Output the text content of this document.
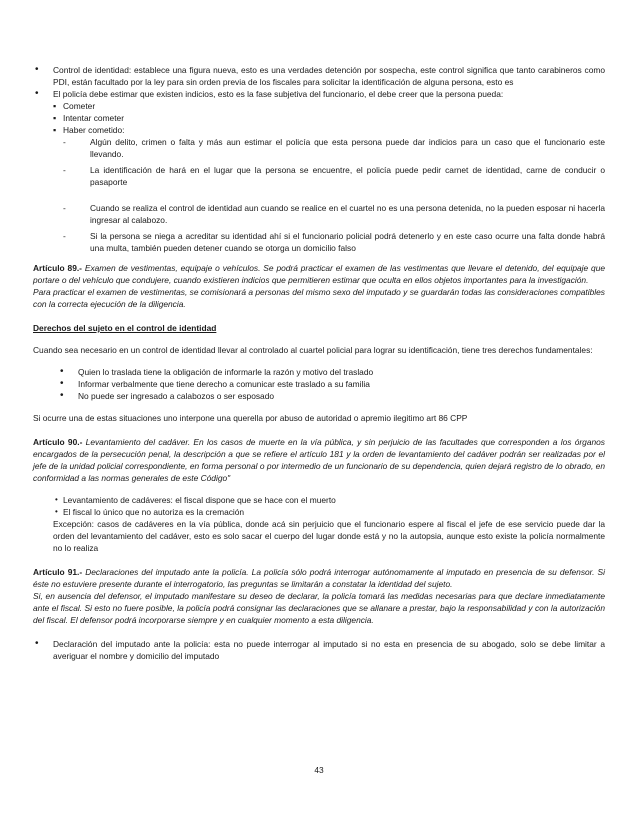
• Control de identidad: establece una figura nueva, esto es una verdades detención por sospecha, este control significa que tanto carabineros como PDI, están facultado por la ley para sin orden previa de los fiscales para solicitar la identificación de alguna persona, esto es
• El policía debe estimar que existen indicios, esto es la fase subjetiva del funcionario, el debe creer que la persona pueda:
▪ Cometer
▪ Intentar cometer
▪ Haber cometido:
- Algún delito, crimen o falta y más aun estimar el policía que esta persona puede dar indicios para un caso que el funcionario este llevando.
- La identificación de hará en el lugar que la persona se encuentre, el policía puede pedir carnet de identidad, carne de conducir o pasaporte
- Cuando se realiza el control de identidad aun cuando se realice en el cuartel no es una persona detenida, no la pueden esposar ni hacerla ingresar al calabozo.
- Si la persona se niega a acreditar su identidad ahí si el funcionario policial podrá detenerlo y en este caso ocurre una falta donde habrá una multa, también pueden detener cuando se otorga un domicilio falso

Artículo 89.- Examen de vestimentas, equipaje o vehículos. Se podrá practicar el examen de las vestimentas que llevare el detenido, del equipaje que portare o del vehículo que condujere, cuando existieren indicios que permitieren estimar que oculta en ellos objetos importantes para la investigación.

Para practicar el examen de vestimentas, se comisionará a personas del mismo sexo del imputado y se guardarán todas las consideraciones compatibles con la correcta ejecución de la diligencia.

Derechos del sujeto en el control de identidad

Cuando sea necesario en un control de identidad llevar al controlado al cuartel policial para lograr su identificación, tiene tres derechos fundamentales:

• Quien lo traslada tiene la obligación de informarle la razón y motivo del traslado
• Informar verbalmente que tiene derecho a comunicar este traslado a su familia
• No puede ser ingresado a calabozos o ser esposado

Si ocurre una de estas situaciones uno interpone una querella por abuso de autoridad o apremio ilegitimo art 86 CPP

Artículo 90.- Levantamiento del cadáver. En los casos de muerte en la vía pública, y sin perjuicio de las facultades que corresponden a los órganos encargados de la persecución penal, la descripción a que se refiere el artículo 181 y la orden de levantamiento del cadáver podrán ser realizadas por el jefe de la unidad policial correspondiente, en forma personal o por intermedio de un funcionario de su dependencia, quien dejará registro de lo obrado, en conformidad a las normas generales de este Código"

• Levantamiento de cadáveres: el fiscal dispone que se hace con el muerto
• El fiscal lo único que no autoriza es la cremación

Excepción: casos de cadáveres en la vía pública, donde acá sin perjuicio que el funcionario espere al fiscal el jefe de ese servicio puede dar la orden del levantamiento del cadáver, esto es solo sacar el cuerpo del lugar donde está y no la autopsia, aunque esto existe la policía normalmente no lo realiza

Artículo 91.- Declaraciones del imputado ante la policía. La policía sólo podrá interrogar autónomamente al imputado en presencia de su defensor. Si éste no estuviere presente durante el interrogatorio, las preguntas se limitarán a constatar la identidad del sujeto.

Si, en ausencia del defensor, el imputado manifestare su deseo de declarar, la policía tomará las medidas necesarias para que declare inmediatamente ante el fiscal. Si esto no fuere posible, la policía podrá consignar las declaraciones que se allanare a prestar, bajo la responsabilidad y con la autorización del fiscal. El defensor podrá incorporarse siempre y en cualquier momento a esta diligencia.

• Declaración del imputado ante la policía: esta no puede interrogar al imputado si no esta en presencia de su abogado, solo se debe limitar a averiguar el nombre y domicilio del imputado
43
